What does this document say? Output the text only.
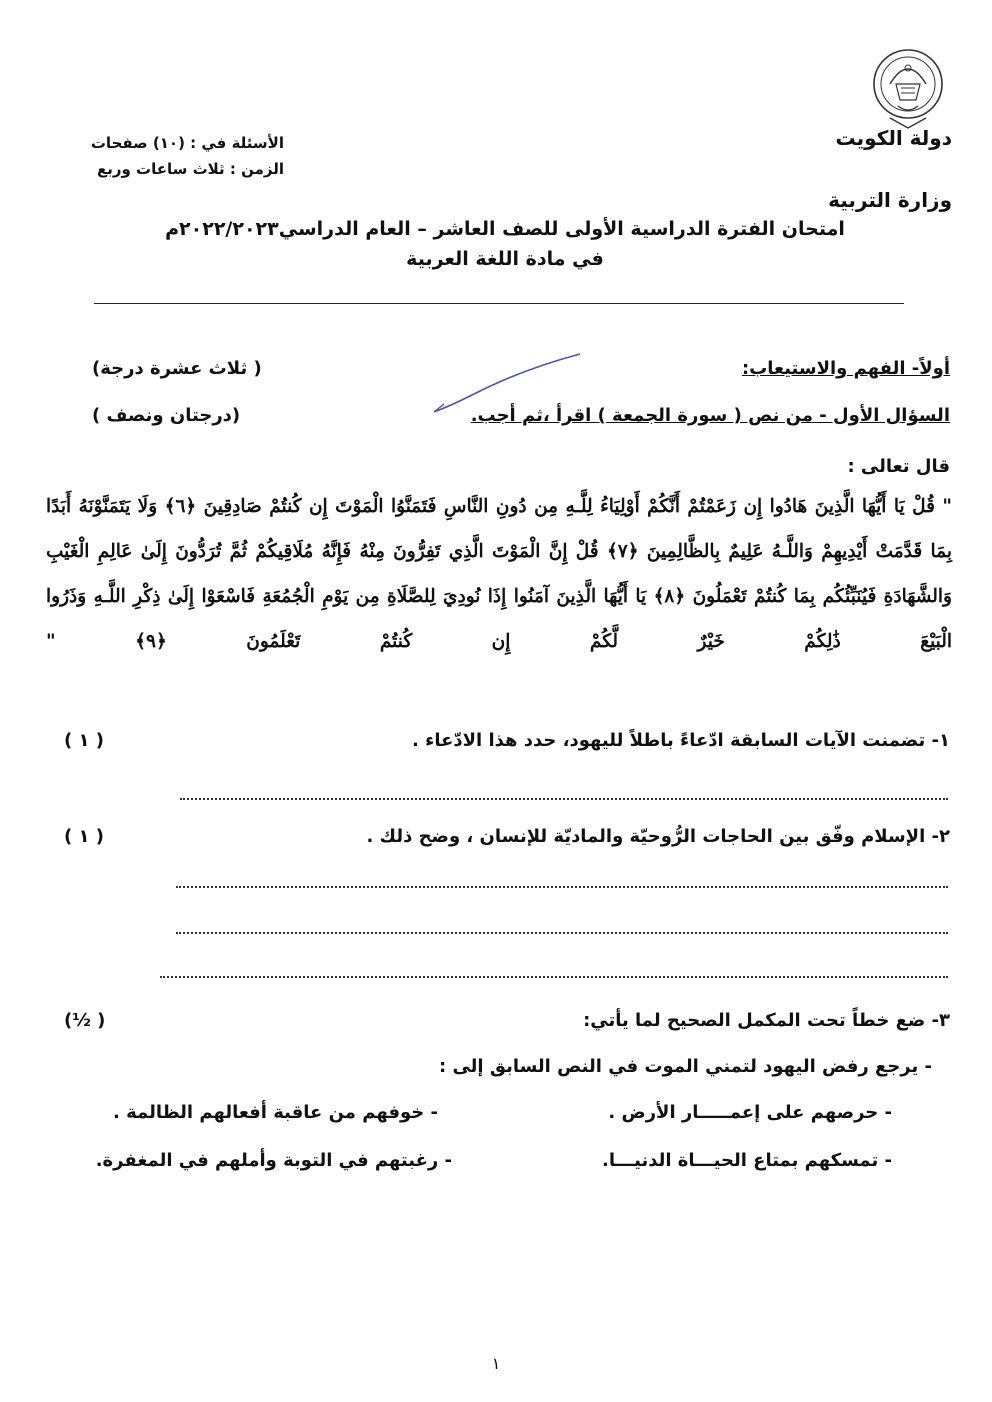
الأسئلة في : (١٠) صفحات
الزمن : ثلاث ساعات وربع
دولة الكويت
وزارة التربية
امتحان الفترة الدراسية الأولى للصف العاشر – العام الدراسي٢٠٢٢/٢٠٢٣م
في مادة اللغة العربية
أولاً- الفهم والاستيعاب:
( ثلاث عشرة درجة)
السؤال الأول - من نص ( سورة الجمعة ) اقرأ ،ثم أجب.
(درجتان ونصف )
قال تعالى :
" قُلْ يَا أَيُّهَا الَّذِينَ هَادُوا إِن زَعَمْتُمْ أَنَّكُمْ أَوْلِيَاءُ لِلَّـهِ مِن دُونِ النَّاسِ فَتَمَنَّوُا الْمَوْتَ إِن كُنتُمْ صَادِقِينَ ﴿٦﴾ وَلَا يَتَمَنَّوْنَهُ أَبَدًا بِمَا قَدَّمَتْ أَيْدِيهِمْ وَاللَّـهُ عَلِيمٌ بِالظَّالِمِينَ ﴿٧﴾ قُلْ إِنَّ الْمَوْتَ الَّذِي تَفِرُّونَ مِنْهُ فَإِنَّهُ مُلَاقِيكُمْ ثُمَّ تُرَدُّونَ إِلَىٰ عَالِمِ الْغَيْبِ وَالشَّهَادَةِ فَيُنَبِّئُكُم بِمَا كُنتُمْ تَعْمَلُونَ ﴿٨﴾ يَا أَيُّهَا الَّذِينَ آمَنُوا إِذَا نُودِيَ لِلصَّلَاةِ مِن يَوْمِ الْجُمُعَةِ فَاسْعَوْا إِلَىٰ ذِكْرِ اللَّـهِ وَذَرُوا الْبَيْعَ ذَٰلِكُمْ خَيْرٌ لَّكُمْ إِن كُنتُمْ تَعْلَمُونَ ﴿٩﴾ "
١- تضمنت الآيات السابقة ادّعاءً باطلاً لليهود، حدد هذا الادّعاء .
( ١ )
٢- الإسلام وفّق بين الحاجات الرُّوحيّة والماديّة للإنسان ، وضح ذلك .
( ١ )
٣- ضع خطاً تحت المكمل الصحيح لما يأتي:
( ½)
- يرجع رفض اليهود لتمني الموت في النص السابق إلى :
- حرصهم على إعمـــــار الأرض .
- خوفهم من عاقبة أفعالهم الظالمة .
- تمسكهم بمتاع الحيـــاة الدنيـــا.
- رغبتهم في التوبة وأملهم في المغفرة.
١
